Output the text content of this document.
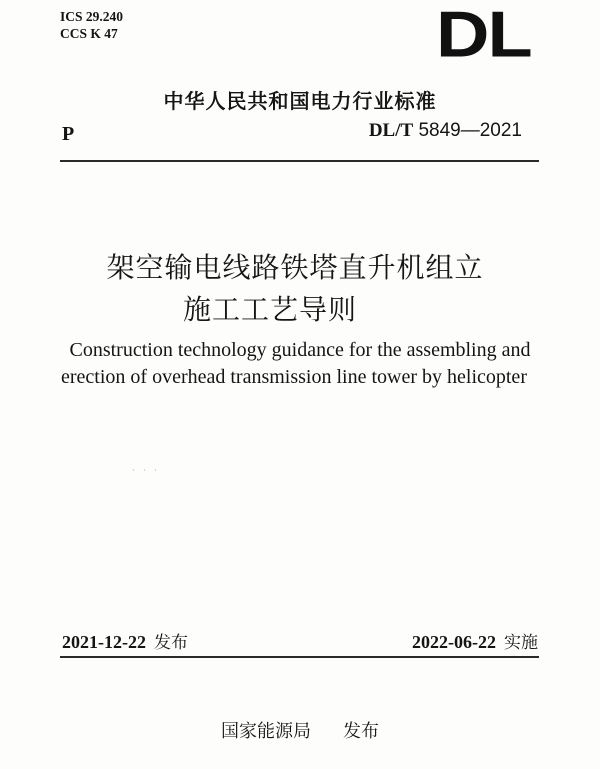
ICS 29.240
CCS K 47	DL
中华人民共和国电力行业标准
P	DL/T 5849—2021
架空输电线路铁塔直升机组立
施工工艺导则
Construction technology guidance for the assembling and
erection of overhead transmission line tower by helicopter
· · ·
2021-12-22 发布	2022-06-22 实施
国家能源局 发布
